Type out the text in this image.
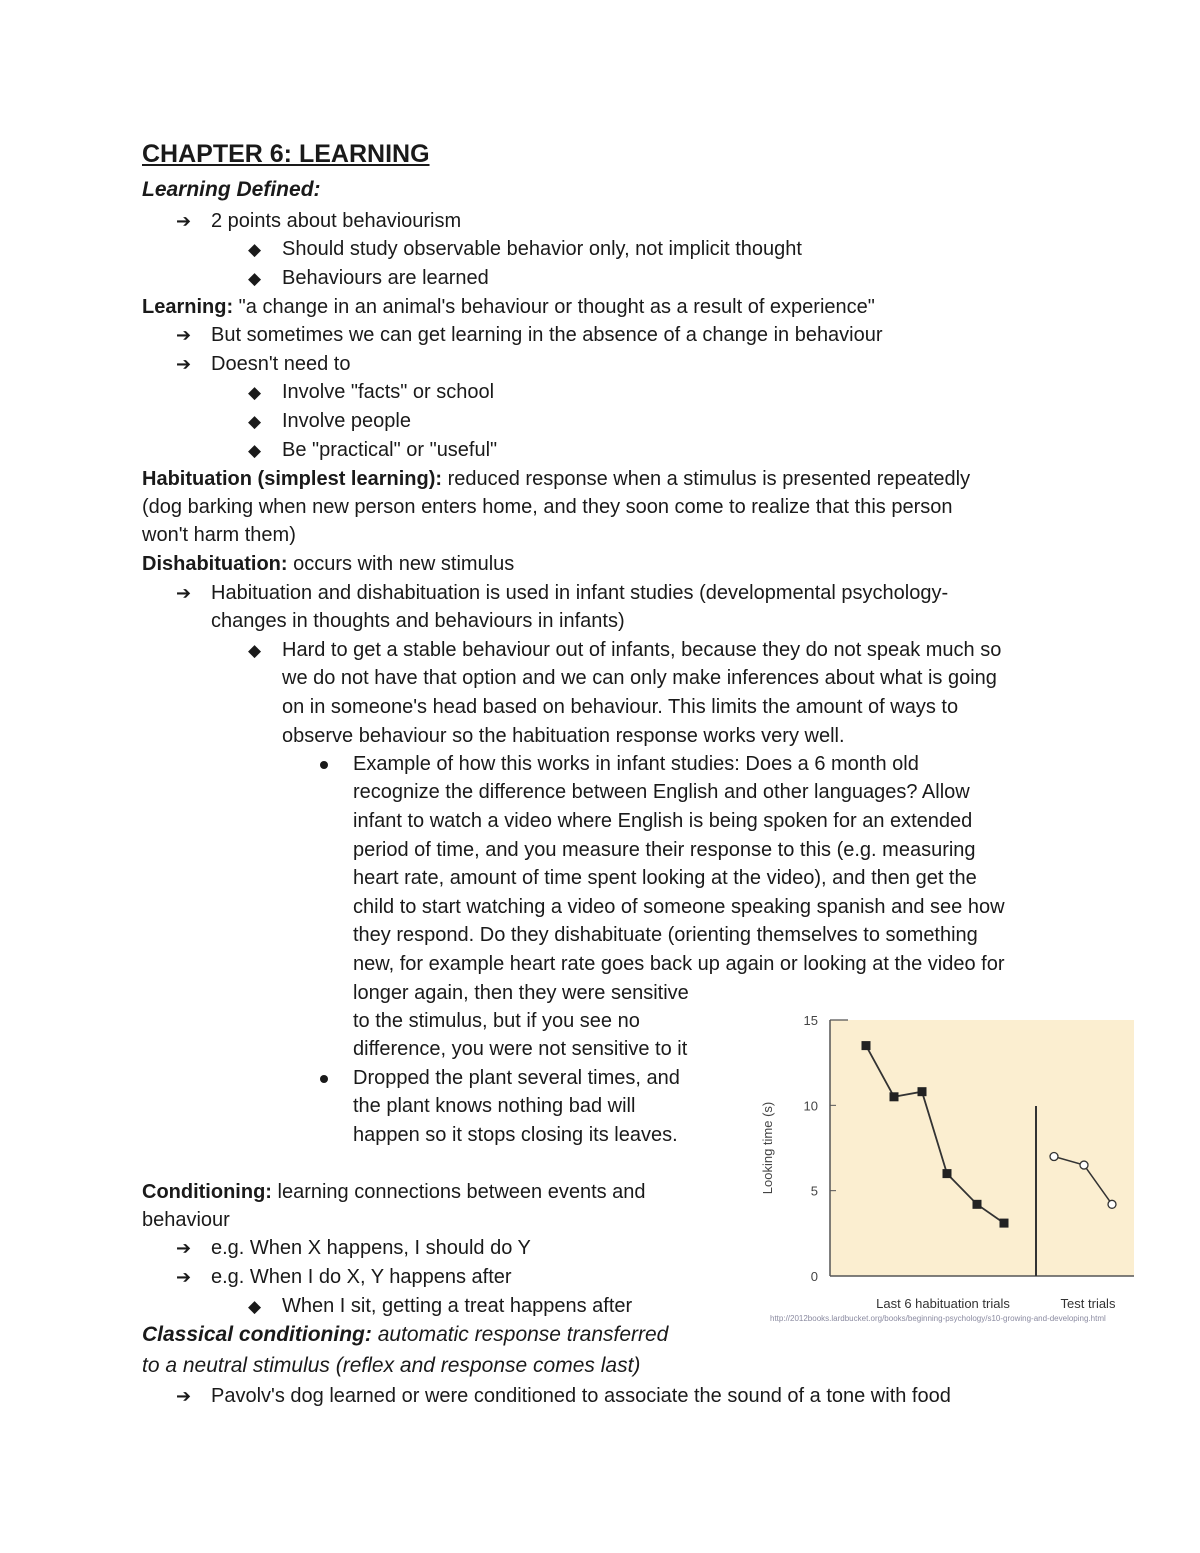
CHAPTER 6: LEARNING
Learning Defined:
➔ 2 points about behaviourism
◆ Should study observable behavior only, not implicit thought
◆ Behaviours are learned
Learning: "a change in an animal's behaviour or thought as a result of experience"
➔ But sometimes we can get learning in the absence of a change in behaviour
➔ Doesn't need to
◆ Involve "facts" or school
◆ Involve people
◆ Be "practical" or "useful"
Habituation (simplest learning): reduced response when a stimulus is presented repeatedly
(dog barking when new person enters home, and they soon come to realize that this person
won't harm them)
Dishabituation: occurs with new stimulus
➔ Habituation and dishabituation is used in infant studies (developmental psychology-
changes in thoughts and behaviours in infants)
◆ Hard to get a stable behaviour out of infants, because they do not speak much so
we do not have that option and we can only make inferences about what is going
on in someone's head based on behaviour. This limits the amount of ways to
observe behaviour so the habituation response works very well.
Example of how this works in infant studies: Does a 6 month old
recognize the difference between English and other languages? Allow
infant to watch a video where English is being spoken for an extended
period of time, and you measure their response to this (e.g. measuring
heart rate, amount of time spent looking at the video), and then get the
child to start watching a video of someone speaking spanish and see how
they respond. Do they dishabituate (orienting themselves to something
new, for example heart rate goes back up again or looking at the video for
longer again, then they were sensitive
to the stimulus, but if you see no
difference, you were not sensitive to it
Dropped the plant several times, and
the plant knows nothing bad will
happen so it stops closing its leaves.
Conditioning: learning connections between events and
behaviour
➔ e.g. When X happens, I should do Y
➔ e.g. When I do X, Y happens after
◆ When I sit, getting a treat happens after
Classical conditioning: automatic response transferred
to a neutral stimulus (reflex and response comes last)
➔ Pavolv's dog learned or were conditioned to associate the sound of a tone with food
0
5
10
15
Looking time (s)
Last 6 habituation trials	Test trials
http://2012books.lardbucket.org/books/beginning-psychology/s10-growing-and-developing.html
